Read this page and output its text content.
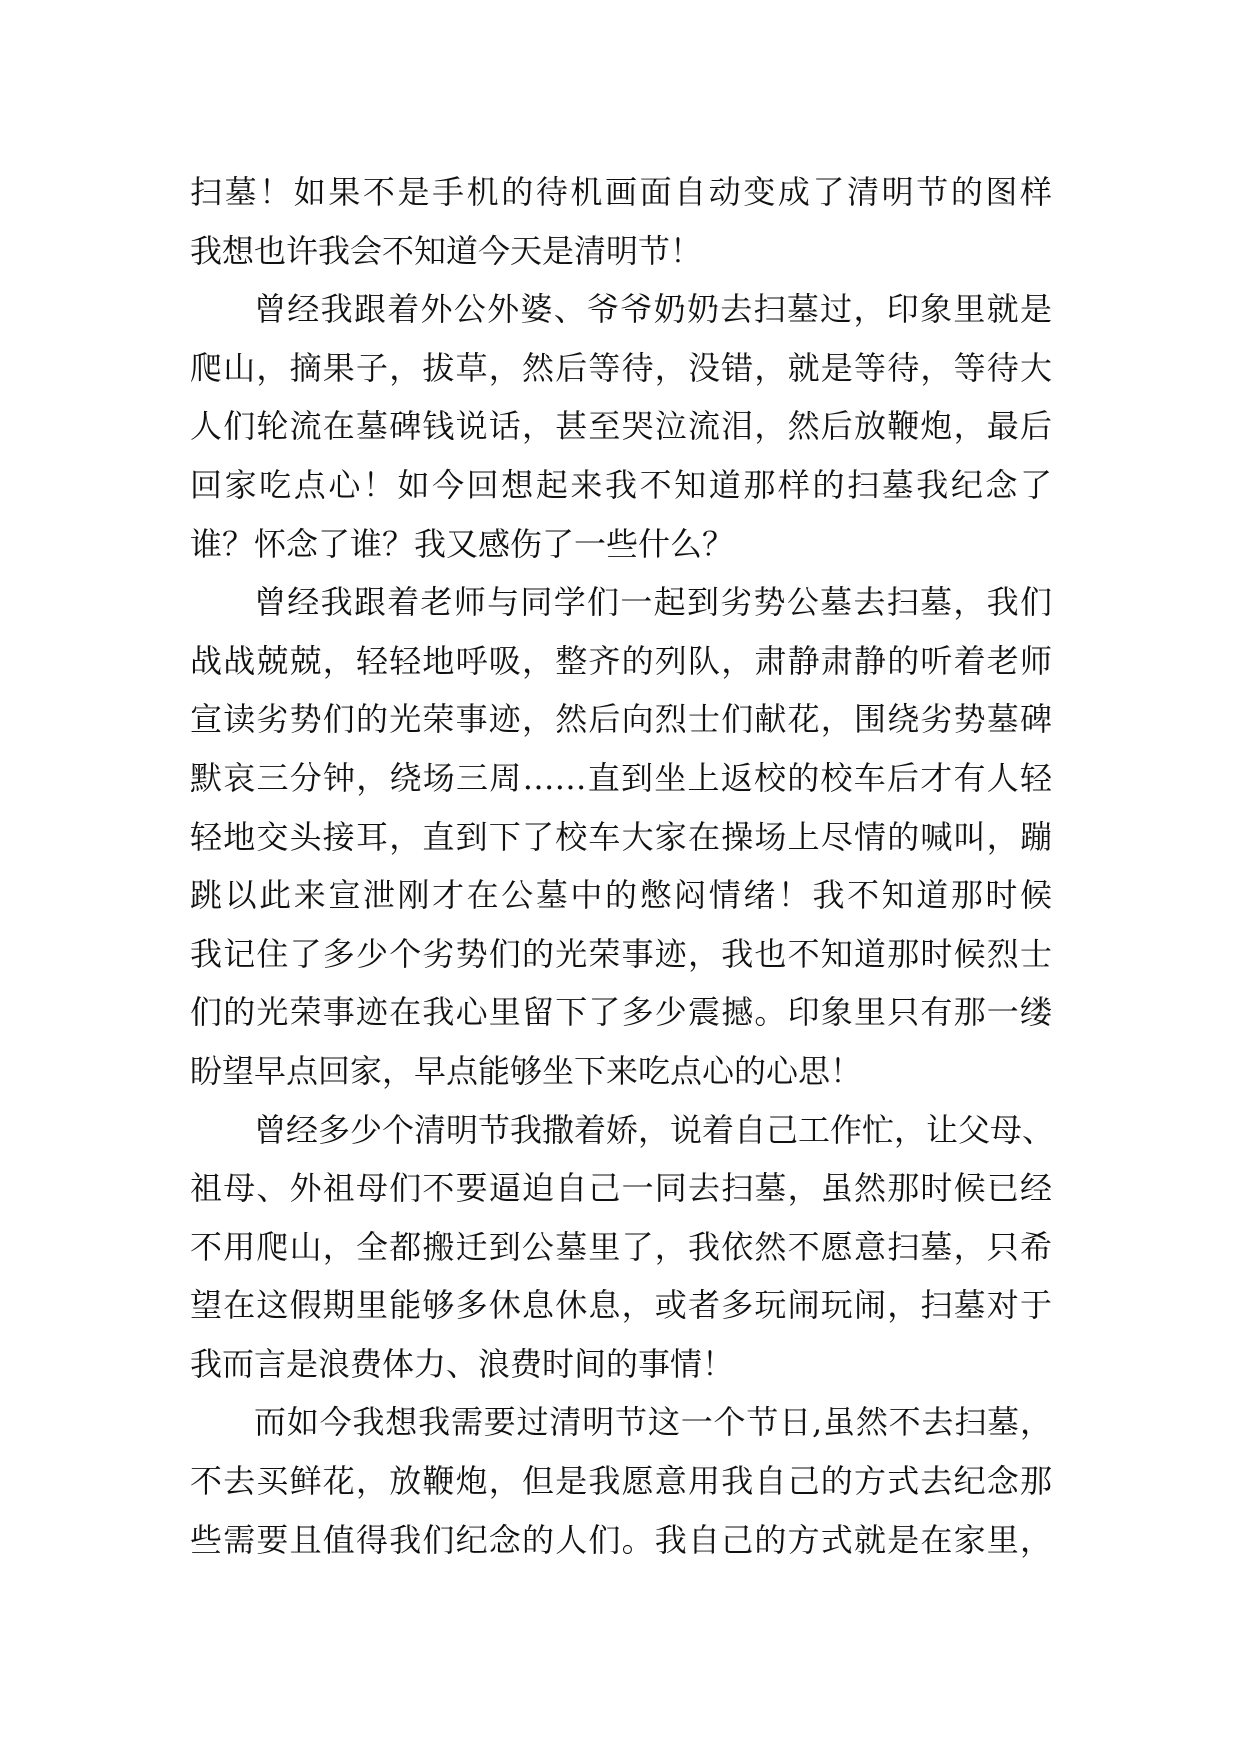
扫墓！如果不是手机的待机画面自动变成了清明节的图样
我想也许我会不知道今天是清明节！
曾经我跟着外公外婆、爷爷奶奶去扫墓过，印象里就是
爬山，摘果子，拔草，然后等待，没错，就是等待，等待大
人们轮流在墓碑钱说话，甚至哭泣流泪，然后放鞭炮，最后
回家吃点心！如今回想起来我不知道那样的扫墓我纪念了
谁？怀念了谁？我又感伤了一些什么？
曾经我跟着老师与同学们一起到劣势公墓去扫墓，我们
战战兢兢，轻轻地呼吸，整齐的列队，肃静肃静的听着老师
宣读劣势们的光荣事迹，然后向烈士们献花，围绕劣势墓碑
默哀三分钟，绕场三周……直到坐上返校的校车后才有人轻
轻地交头接耳，直到下了校车大家在操场上尽情的喊叫，蹦
跳以此来宣泄刚才在公墓中的憋闷情绪！我不知道那时候
我记住了多少个劣势们的光荣事迹，我也不知道那时候烈士
们的光荣事迹在我心里留下了多少震撼。印象里只有那一缕
盼望早点回家，早点能够坐下来吃点心的心思！
曾经多少个清明节我撒着娇，说着自己工作忙，让父母、
祖母、外祖母们不要逼迫自己一同去扫墓，虽然那时候已经
不用爬山，全都搬迁到公墓里了，我依然不愿意扫墓，只希
望在这假期里能够多休息休息，或者多玩闹玩闹，扫墓对于
我而言是浪费体力、浪费时间的事情！
而如今我想我需要过清明节这一个节日,虽然不去扫墓，
不去买鲜花，放鞭炮，但是我愿意用我自己的方式去纪念那
些需要且值得我们纪念的人们。我自己的方式就是在家里，
